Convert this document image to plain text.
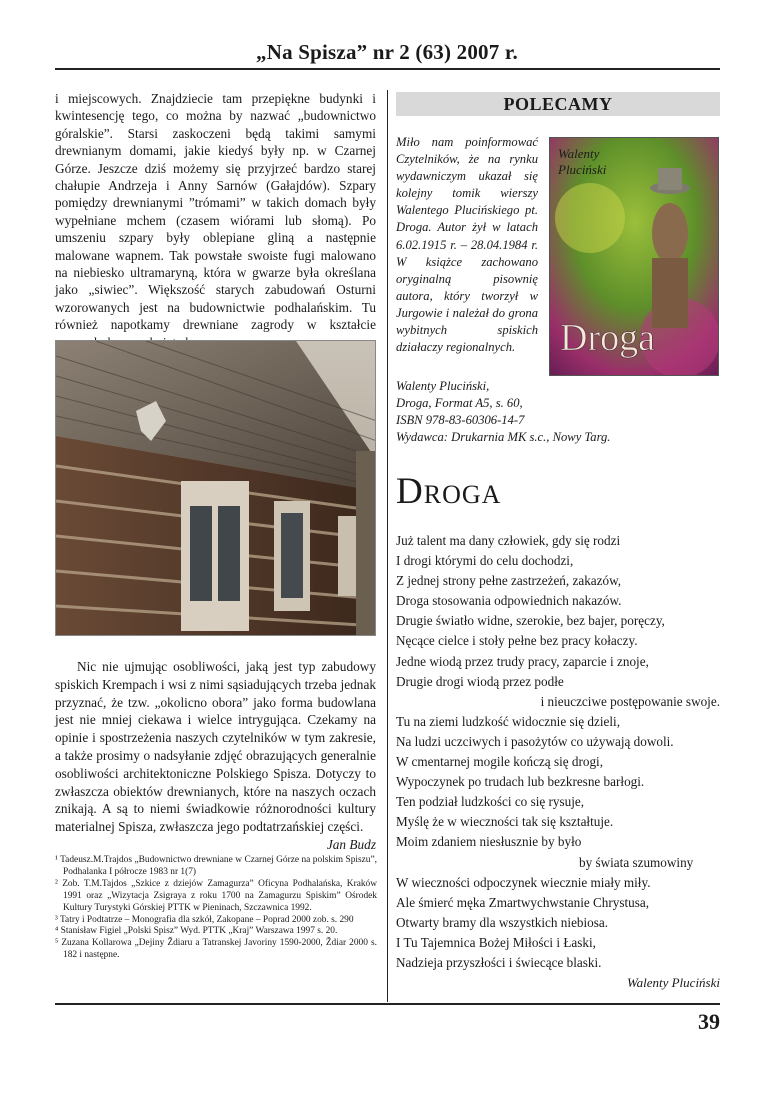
„Na Spisza” nr 2 (63) 2007 r.

i miejscowych. Znajdziecie tam przepiękne budynki i kwintesencję tego, co można by nazwać „budownictwo góralskie”. Starsi zaskoczeni będą takimi samymi drewnianym domami, jakie kiedyś były np. w Czarnej Górze. Jeszcze dziś możemy się przyjrzeć bardzo starej chałupie Andrzeja i Anny Sarnów (Gałajdów). Szpary pomiędzy drewnianymi ”trómami” w takich domach były wypełniane mchem (czasem wiórami lub słomą). Po umszeniu szpary były oblepiane gliną a następnie malowane wapnem. Tak powstałe swoiste fugi malowano na niebiesko ultramaryną, która w gwarze była określana jako „siwiec”. Większość starych zabudowań Osturni wzorowanych jest na budownictwie podhalańskim. Tu również napotkamy drewniane zagrody w kształcie

Nic nie ujmując osobliwości, jaką jest typ zabudowy spiskich Krempach i wsi z nimi sąsiadujących trzeba jednak przyznać, że tzw. „okolicno obora” jako forma budowlana jest nie mniej ciekawa i wielce intrygująca. Czekamy na opinie i spostrzeżenia naszych czytelników w tym zakresie, a także prosimy o nadsyłanie zdjęć obrazujących generalnie osobliwości architektoniczne Polskiego Spisza. Dotyczy to zwłaszcza obiektów drewnianych, które na naszych oczach znikają. A są to niemi świadkowie różnorodności kultury materialnej Spisza, zwłaszcza jego podtatrzańskiej części.

Jan Budz

¹ Tadeusz.M.Trajdos „Budownictwo drewniane w Czarnej Górze na polskim Spiszu”, Podhalanka I półrocze 1983 nr 1(7)

² Zob. T.M.Tajdos „Szkice z dziejów Zamagurza” Oficyna Podhalańska, Kraków 1991 oraz „Wizytacja Zsigraya z roku 1700 na Zamagurzu Spiskim” Ośrodek Kultury Turystyki Górskiej PTTK w Pieninach, Szczawnica 1992.

³ Tatry i Podtatrze – Monografia dla szkół, Zakopane – Poprad 2000 zob. s. 290

⁴ Stanisław Figiel „Polski Spisz” Wyd. PTTK „Kraj” Warszawa 1997 s. 20.

⁵ Zuzana Kollarowa „Dejiny Ždiaru a Tatranskej Javoriny 1590-2000, Ždiar 2000 s. 182 i następne.

POLECAMY

Miło nam poinformować Czytelników, że na rynku wydawniczym ukazał się kolejny tomik wierszy Walentego Plucińskiego pt. Droga. Autor żył w latach 6.02.1915 r. – 28.04.1984 r. W książce zachowano oryginalną pisownię autora, który tworzył w Jurgowie i należał do grona wybitnych spiskich działaczy regionalnych.

Walenty
Pluciński
Droga
Walenty Pluciński,
Droga, Format A5, s. 60,
ISBN 978-83-60306-14-7
Wydawca: Drukarnia MK s.c., Nowy Targ.
DROGA
Już talent ma dany człowiek, gdy się rodzi
I drogi którymi do celu dochodzi,
Z jednej strony pełne zastrzeżeń, zakazów,
Droga stosowania odpowiednich nakazów.
Drugie światło widne, szerokie, bez bajer, poręczy,
Nęcące cielce i stoły pełne bez pracy kołaczy.
Jedne wiodą przez trudy pracy, zaparcie i znoje,
Drugie drogi wiodą przez podłe
i nieuczciwe postępowanie swoje.
Tu na ziemi ludzkość widocznie się dzieli,
Na ludzi uczciwych i pasożytów co używają dowoli.
W cmentarnej mogile kończą się drogi,
Wypoczynek po trudach lub bezkresne barłogi.
Ten podział ludzkości co się rysuje,
Myślę że w wieczności tak się kształtuje.
Moim zdaniem niesłusznie by było
by świata szumowiny
W wieczności odpoczynek wiecznie miały miły.
Ale śmierć męka Zmartwychwstanie Chrystusa,
Otwarty bramy dla wszystkich niebiosa.
I Tu Tajemnica Bożej Miłości i Łaski,
Nadzieja przyszłości i świecące blaski.
Walenty Pluciński
39
